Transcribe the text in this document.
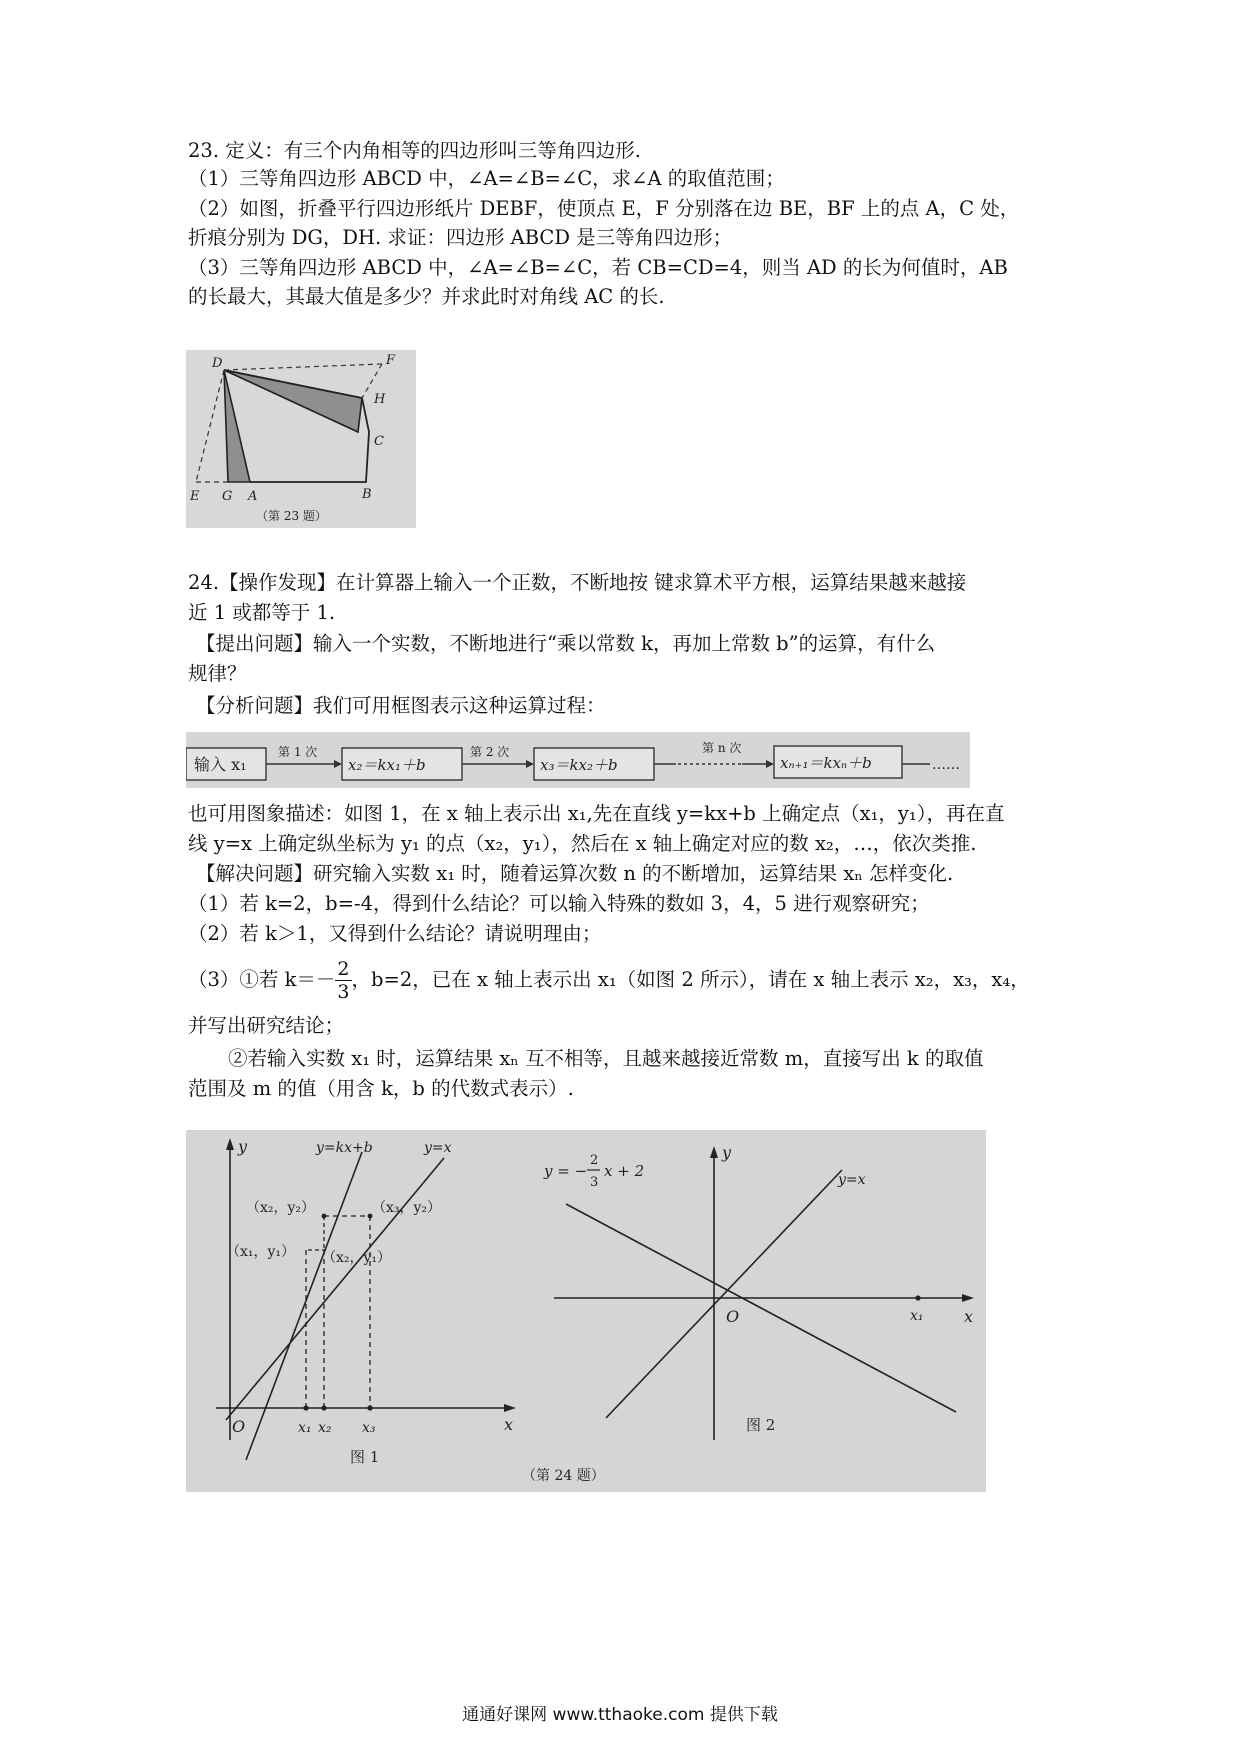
23. 定义：有三个内角相等的四边形叫三等角四边形.
（1）三等角四边形 ABCD 中，∠A=∠B=∠C，求∠A 的取值范围；
（2）如图，折叠平行四边形纸片 DEBF，使顶点 E，F 分别落在边 BE，BF 上的点 A，C 处，
折痕分别为 DG，DH. 求证：四边形 ABCD 是三等角四边形；
（3）三等角四边形 ABCD 中，∠A=∠B=∠C，若 CB=CD=4，则当 AD 的长为何值时，AB
的长最大，其最大值是多少？并求此时对角线 AC 的长.
D	F
H
C
E G A	B
（第 23 题）
24.【操作发现】在计算器上输入一个正数，不断地按 键求算术平方根，运算结果越来越接
近 1 或都等于 1.
【提出问题】输入一个实数，不断地进行“乘以常数 k，再加上常数 b”的运算，有什么
规律？
【分析问题】我们可用框图表示这种运算过程：
输入 x₁
第 1 次
x₂＝kx₁＋b
第 2 次
x₃＝kx₂＋b
第 n 次
xₙ₊₁＝kxₙ＋b	……
也可用图象描述：如图 1，在 x 轴上表示出 x₁,先在直线 y=kx+b 上确定点（x₁，y₁），再在直
线 y=x 上确定纵坐标为 y₁ 的点（x₂，y₁），然后在 x 轴上确定对应的数 x₂，…，依次类推.
【解决问题】研究输入实数 x₁ 时，随着运算次数 n 的不断增加，运算结果 xₙ 怎样变化.
（1）若 k=2，b=-4，得到什么结论？可以输入特殊的数如 3，4，5 进行观察研究；
（2）若 k＞1，又得到什么结论？请说明理由；
（3）①若 $k=- \frac{2}{3}$ ，b=2，已在 x 轴上表示出 x₁（如图 2 所示），请在 x 轴上表示 x₂，x₃，x₄，
并写出研究结论；
②若输入实数 x₁ 时，运算结果 xₙ 互不相等，且越来越接近常数 m，直接写出 k 的取值
范围及 m 的值（用含 k，b 的代数式表示）.
y
x
O
y=kx+b	y=x
（x₂，y₂）	（x₃，y₂）
（x₁，y₁） （x₂，y₁）
x₁ x₂ x₃
图 1
y = −
2
3
x + 2
y
x
O
y=x
x₁
图 2
（第 24 题）
通通好课网 www.tthaoke.com 提供下载
